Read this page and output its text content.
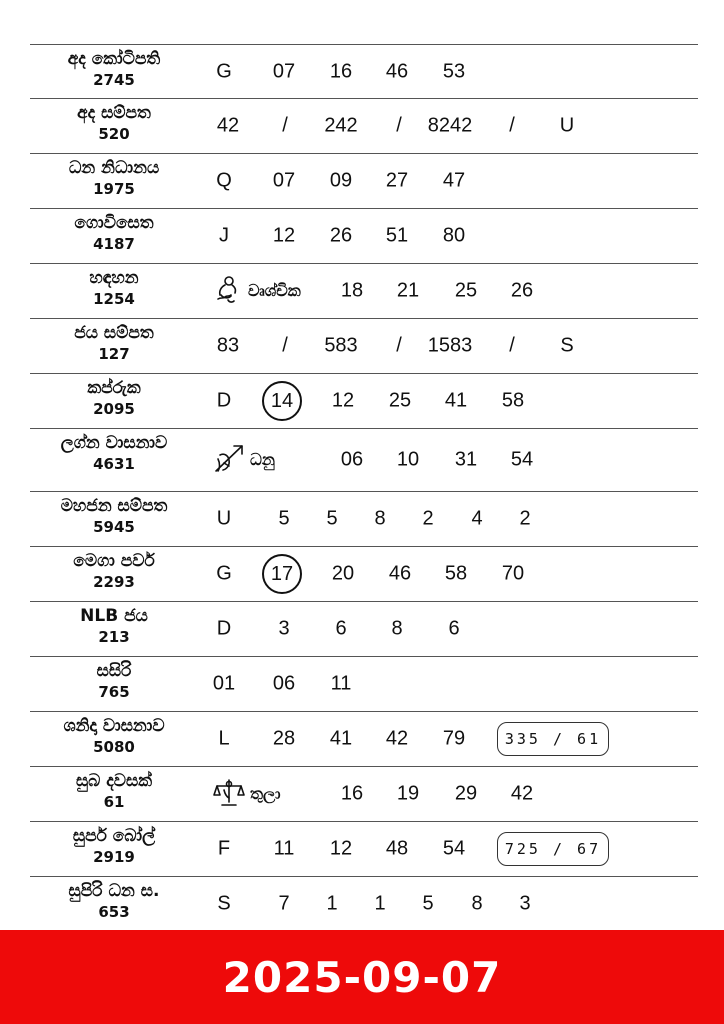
අද කෝටිපති
2745	G 07 16 46 53
අද සම්පත
520	42 / 242 / 8242 / U
ධන නිධානය
1975	Q 07 09 27 47
ගොවිසෙත
4187	J 12 26 51 80
හඳහන
1254	වෘශ්චික 18 21 25 26
ජය සම්පත
127	83 / 583 / 1583 / S
කප්රුක
2095	D	14	12 25 41 58
ලග්න වාසනාව
4631	ධනු	06 10 31 54
මහජන සම්පත
5945	U 5 5 8 2 4 2
මෙගා පවර්
2293	G	17	20 46 58 70
NLB ජය
213	D 3 6 8 6
සසිරි
765	01 06 11
ශනිදා වාසනාව
5080	L 28 41 42 79	335 / 61
සුබ දවසක්
61	තුලා	16 19 29 42
සුපර් බෝල්
2919	F 11 12 48 54	725 / 67
සුපිරි ධන ස.
653	S 7 1 1 5 8 3
2025-09-07
